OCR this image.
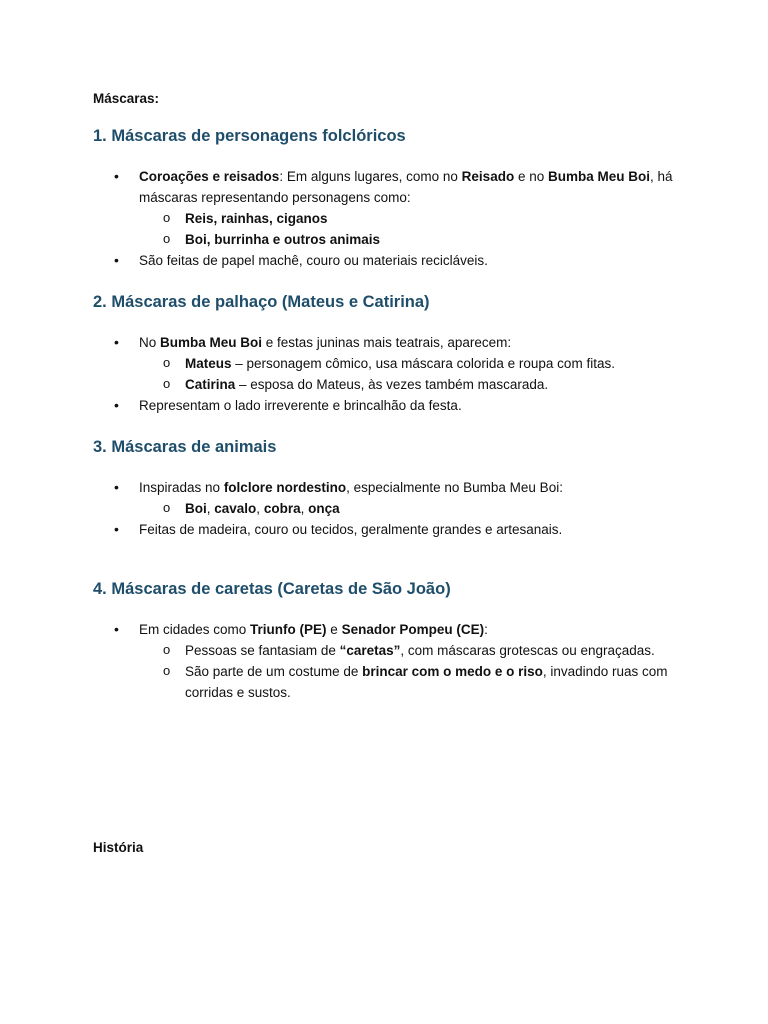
Máscaras:
1. Máscaras de personagens folclóricos
• Coroações e reisados: Em alguns lugares, como no Reisado e no Bumba Meu Boi, há máscaras representando personagens como:
o Reis, rainhas, ciganos
o Boi, burrinha e outros animais
• São feitas de papel machê, couro ou materiais recicláveis.
2. Máscaras de palhaço (Mateus e Catirina)
• No Bumba Meu Boi e festas juninas mais teatrais, aparecem:
o Mateus – personagem cômico, usa máscara colorida e roupa com fitas.
o Catirina – esposa do Mateus, às vezes também mascarada.
• Representam o lado irreverente e brincalhão da festa.
3. Máscaras de animais
• Inspiradas no folclore nordestino, especialmente no Bumba Meu Boi:
o Boi, cavalo, cobra, onça
• Feitas de madeira, couro ou tecidos, geralmente grandes e artesanais.
4. Máscaras de caretas (Caretas de São João)
• Em cidades como Triunfo (PE) e Senador Pompeu (CE):
o Pessoas se fantasiam de “caretas”, com máscaras grotescas ou engraçadas.
o São parte de um costume de brincar com o medo e o riso, invadindo ruas com corridas e sustos.
História
